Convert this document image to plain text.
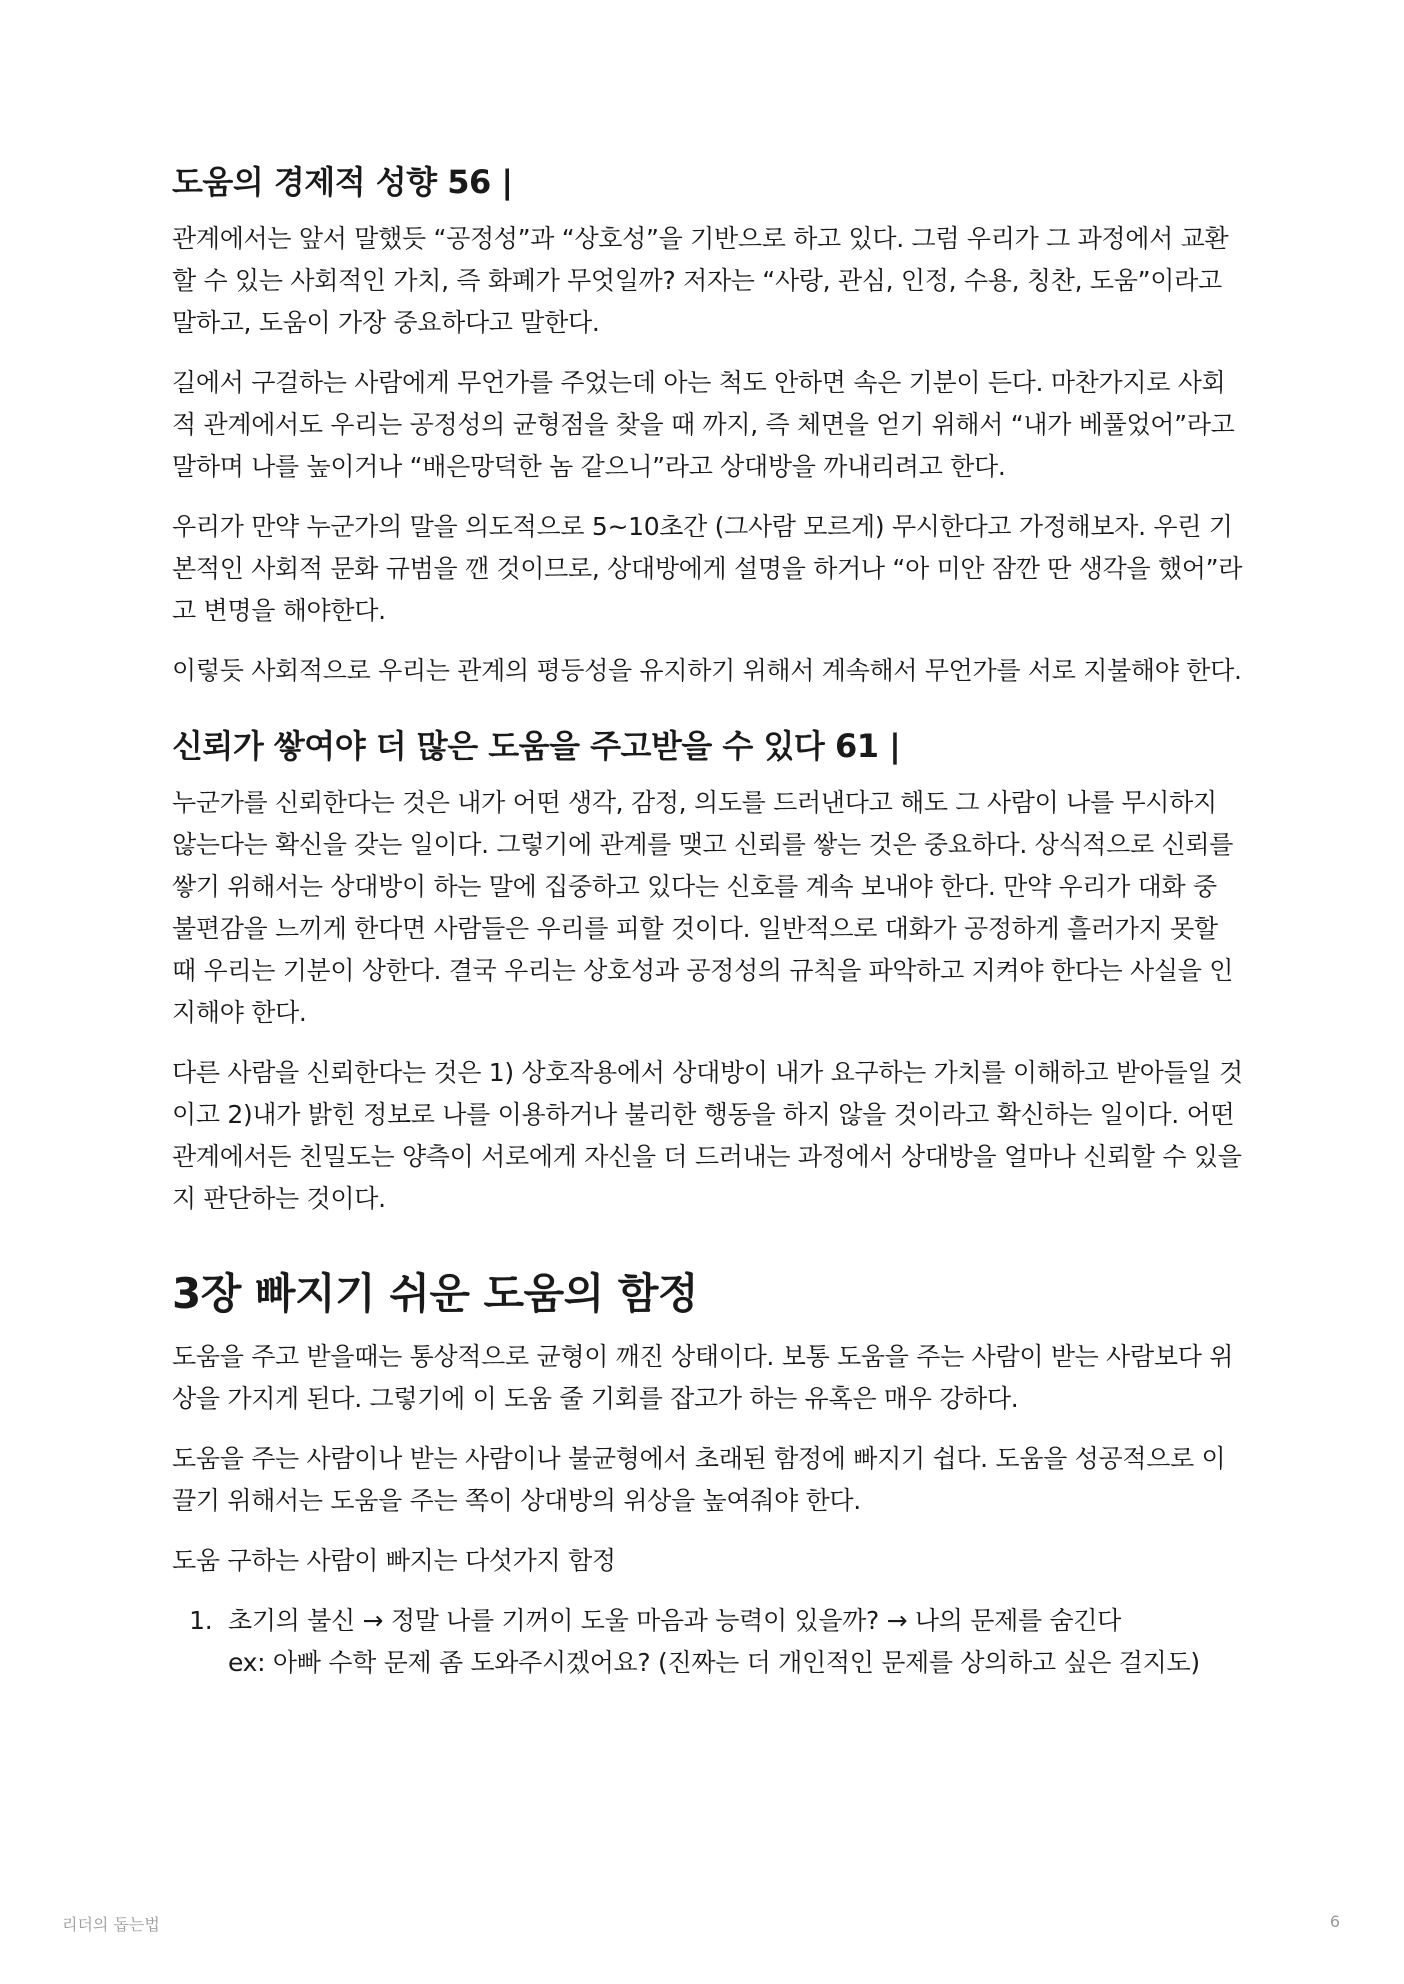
도움의 경제적 성향 56 |

관계에서는 앞서 말했듯 “공정성”과 “상호성”을 기반으로 하고 있다. 그럼 우리가 그 과정에서 교환할 수 있는 사회적인 가치, 즉 화폐가 무엇일까? 저자는 “사랑, 관심, 인정, 수용, 칭찬, 도움”이라고 말하고, 도움이 가장 중요하다고 말한다.

길에서 구걸하는 사람에게 무언가를 주었는데 아는 척도 안하면 속은 기분이 든다. 마찬가지로 사회적 관계에서도 우리는 공정성의 균형점을 찾을 때 까지, 즉 체면을 얻기 위해서 “내가 베풀었어”라고 말하며 나를 높이거나 “배은망덕한 놈 같으니”라고 상대방을 까내리려고 한다.

우리가 만약 누군가의 말을 의도적으로 5~10초간 (그사람 모르게) 무시한다고 가정해보자. 우린 기본적인 사회적 문화 규범을 깬 것이므로, 상대방에게 설명을 하거나 “아 미안 잠깐 딴 생각을 했어”라고 변명을 해야한다.

이렇듯 사회적으로 우리는 관계의 평등성을 유지하기 위해서 계속해서 무언가를 서로 지불해야 한다.

신뢰가 쌓여야 더 많은 도움을 주고받을 수 있다 61 |

누군가를 신뢰한다는 것은 내가 어떤 생각, 감정, 의도를 드러낸다고 해도 그 사람이 나를 무시하지 않는다는 확신을 갖는 일이다. 그렇기에 관계를 맺고 신뢰를 쌓는 것은 중요하다. 상식적으로 신뢰를 쌓기 위해서는 상대방이 하는 말에 집중하고 있다는 신호를 계속 보내야 한다. 만약 우리가 대화 중 불편감을 느끼게 한다면 사람들은 우리를 피할 것이다. 일반적으로 대화가 공정하게 흘러가지 못할 때 우리는 기분이 상한다. 결국 우리는 상호성과 공정성의 규칙을 파악하고 지켜야 한다는 사실을 인지해야 한다.

다른 사람을 신뢰한다는 것은 1) 상호작용에서 상대방이 내가 요구하는 가치를 이해하고 받아들일 것이고 2)내가 밝힌 정보로 나를 이용하거나 불리한 행동을 하지 않을 것이라고 확신하는 일이다. 어떤 관계에서든 친밀도는 양측이 서로에게 자신을 더 드러내는 과정에서 상대방을 얼마나 신뢰할 수 있을지 판단하는 것이다.

3장 빠지기 쉬운 도움의 함정

도움을 주고 받을때는 통상적으로 균형이 깨진 상태이다. 보통 도움을 주는 사람이 받는 사람보다 위상을 가지게 된다. 그렇기에 이 도움 줄 기회를 잡고가 하는 유혹은 매우 강하다.

도움을 주는 사람이나 받는 사람이나 불균형에서 초래된 함정에 빠지기 쉽다. 도움을 성공적으로 이끌기 위해서는 도움을 주는 쪽이 상대방의 위상을 높여줘야 한다.

도움 구하는 사람이 빠지는 다섯가지 함정

1. 초기의 불신 → 정말 나를 기꺼이 도울 마음과 능력이 있을까? → 나의 문제를 숨긴다
ex: 아빠 수학 문제 좀 도와주시겠어요? (진짜는 더 개인적인 문제를 상의하고 싶은 걸지도)
리더의 돕는법	6
